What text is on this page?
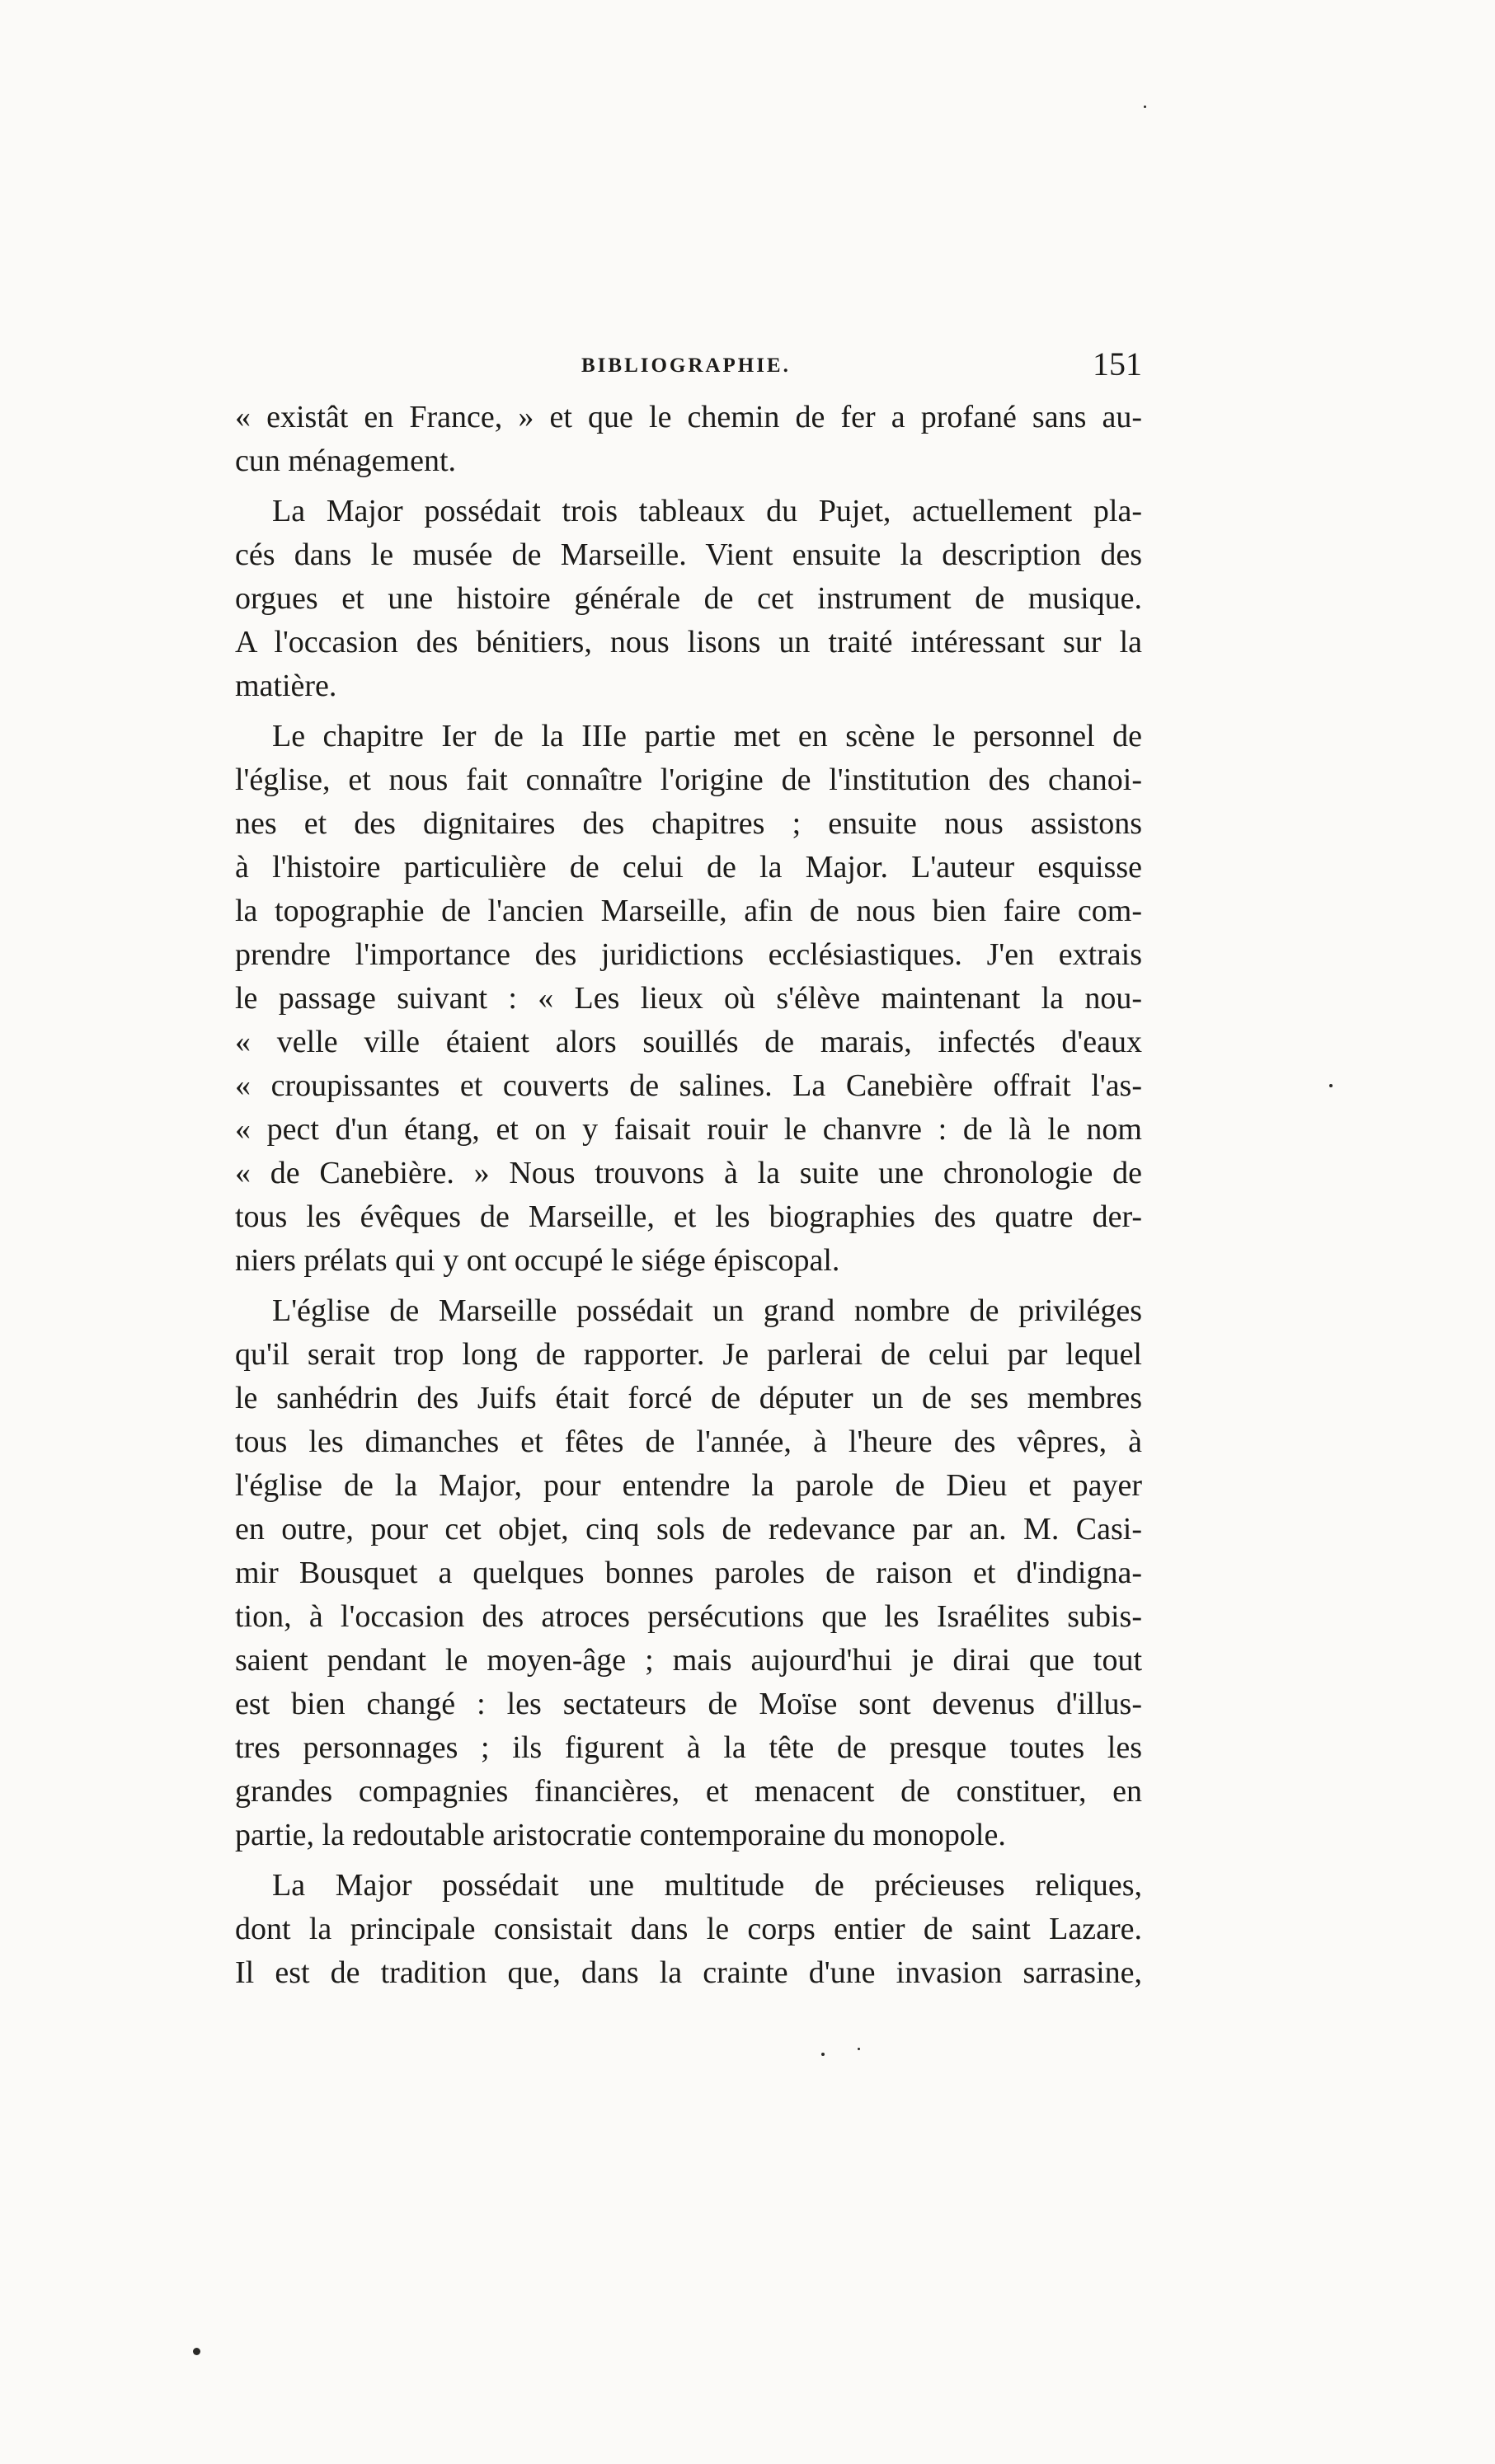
BIBLIOGRAPHIE.	151
« existât en France, » et que le chemin de fer a profané sans au-
cun ménagement.
La Major possédait trois tableaux du Pujet, actuellement pla-
cés dans le musée de Marseille. Vient ensuite la description des
orgues et une histoire générale de cet instrument de musique.
A l'occasion des bénitiers, nous lisons un traité intéressant sur la
matière.
Le chapitre Ier de la IIIe partie met en scène le personnel de
l'église, et nous fait connaître l'origine de l'institution des chanoi-
nes et des dignitaires des chapitres ; ensuite nous assistons
à l'histoire particulière de celui de la Major. L'auteur esquisse
la topographie de l'ancien Marseille, afin de nous bien faire com-
prendre l'importance des juridictions ecclésiastiques. J'en extrais
le passage suivant : « Les lieux où s'élève maintenant la nou-
« velle ville étaient alors souillés de marais, infectés d'eaux
« croupissantes et couverts de salines. La Canebière offrait l'as-
« pect d'un étang, et on y faisait rouir le chanvre : de là le nom
« de Canebière. » Nous trouvons à la suite une chronologie de
tous les évêques de Marseille, et les biographies des quatre der-
niers prélats qui y ont occupé le siége épiscopal.
L'église de Marseille possédait un grand nombre de priviléges
qu'il serait trop long de rapporter. Je parlerai de celui par lequel
le sanhédrin des Juifs était forcé de députer un de ses membres
tous les dimanches et fêtes de l'année, à l'heure des vêpres, à
l'église de la Major, pour entendre la parole de Dieu et payer
en outre, pour cet objet, cinq sols de redevance par an. M. Casi-
mir Bousquet a quelques bonnes paroles de raison et d'indigna-
tion, à l'occasion des atroces persécutions que les Israélites subis-
saient pendant le moyen-âge ; mais aujourd'hui je dirai que tout
est bien changé : les sectateurs de Moïse sont devenus d'illus-
tres personnages ; ils figurent à la tête de presque toutes les
grandes compagnies financières, et menacent de constituer, en
partie, la redoutable aristocratie contemporaine du monopole.
La Major possédait une multitude de précieuses reliques,
dont la principale consistait dans le corps entier de saint Lazare.
Il est de tradition que, dans la crainte d'une invasion sarrasine,
